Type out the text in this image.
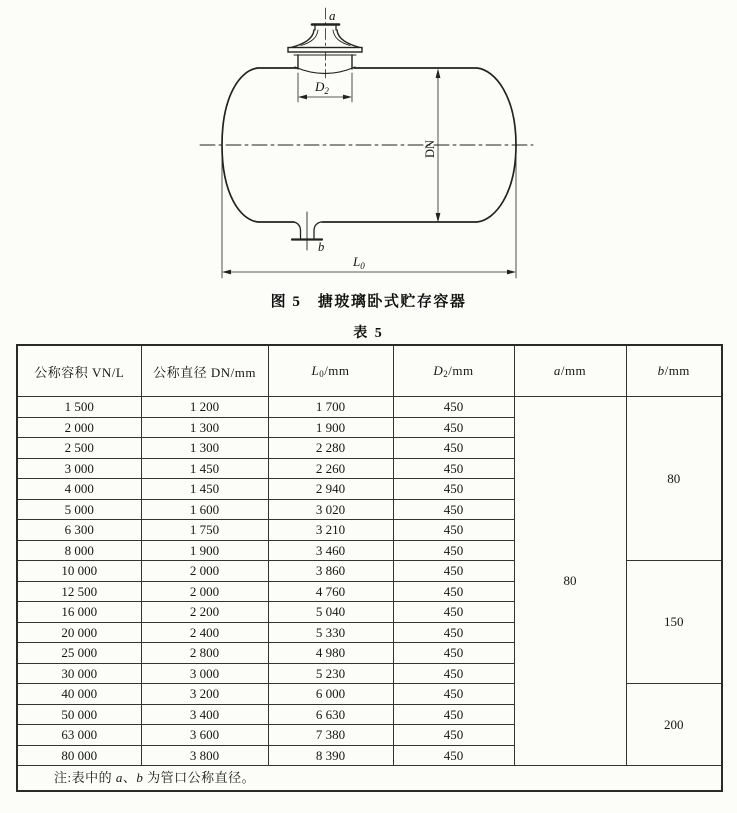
a
$D_2$
DN
b
$L_0$
图 5　搪玻璃卧式贮存容器
表 5
公称容积 VN/L	公称直径 DN/mm	$L_0/mm$	$D_2/mm$	a/mm	b/mm
1 500	1 200	1 700	450	80	80
2 000	1 300	1 900	450		
2 500	1 300	2 280	450		
3 000	1 450	2 260	450		
4 000	1 450	2 940	450		
5 000	1 600	3 020	450		
6 300	1 750	3 210	450		
8 000	1 900	3 460	450		
10 000	2 000	3 860	450		150
12 500	2 000	4 760	450		
16 000	2 200	5 040	450		
20 000	2 400	5 330	450		
25 000	2 800	4 980	450		
30 000	3 000	5 230	450		
40 000	3 200	6 000	450		200
50 000	3 400	6 630	450		
63 000	3 600	7 380	450		
80 000	3 800	8 390	450		
注:表中的 a、b 为管口公称直径。					
